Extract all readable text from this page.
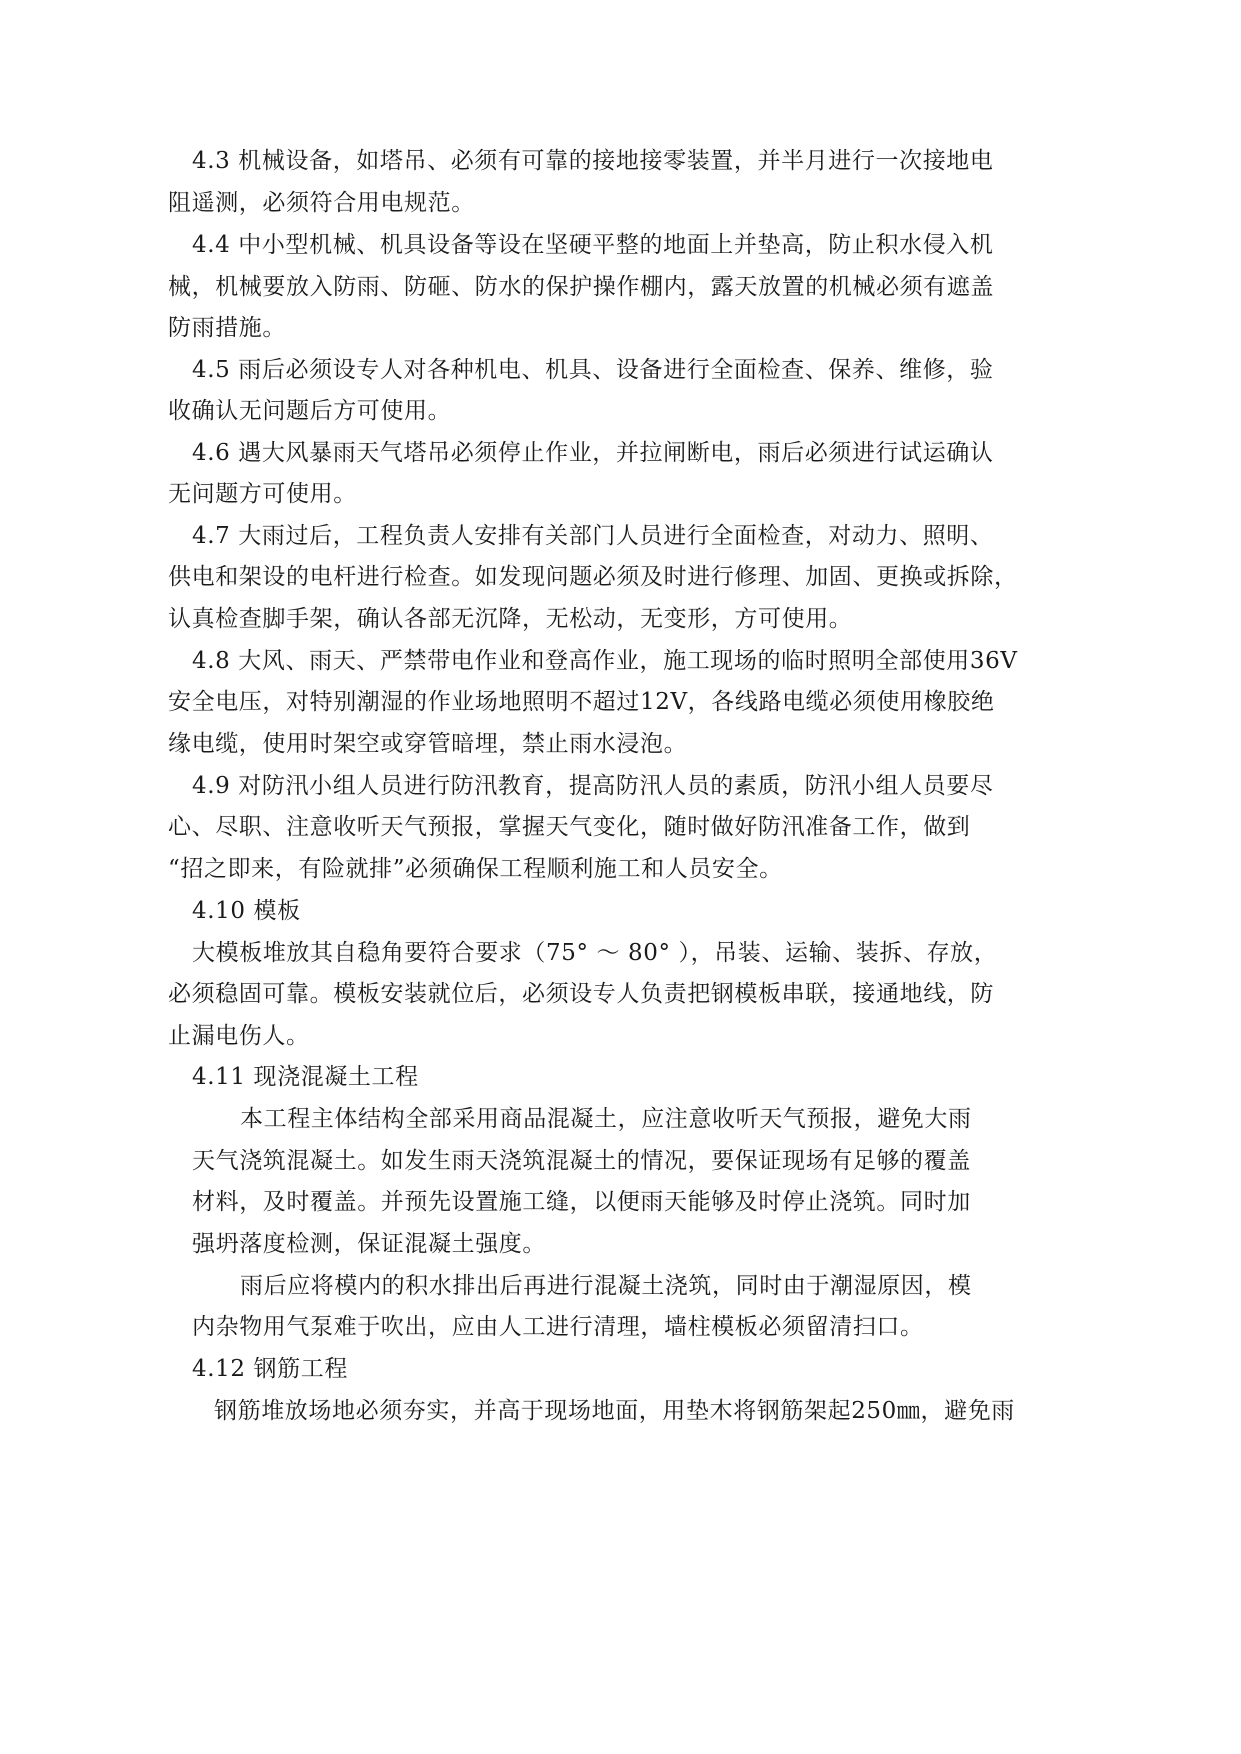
4.3 机械设备，如塔吊、必须有可靠的接地接零装置，并半月进行一次接地电
阻遥测，必须符合用电规范。
4.4 中小型机械、机具设备等设在坚硬平整的地面上并垫高，防止积水侵入机
械，机械要放入防雨、防砸、防水的保护操作棚内，露天放置的机械必须有遮盖
防雨措施。
4.5 雨后必须设专人对各种机电、机具、设备进行全面检查、保养、维修，验
收确认无问题后方可使用。
4.6 遇大风暴雨天气塔吊必须停止作业，并拉闸断电，雨后必须进行试运确认
无问题方可使用。
4.7 大雨过后，工程负责人安排有关部门人员进行全面检查，对动力、照明、
供电和架设的电杆进行检查。如发现问题必须及时进行修理、加固、更换或拆除，
认真检查脚手架，确认各部无沉降，无松动，无变形，方可使用。
4.8 大风、雨天、严禁带电作业和登高作业，施工现场的临时照明全部使用36V
安全电压，对特别潮湿的作业场地照明不超过12V，各线路电缆必须使用橡胶绝
缘电缆，使用时架空或穿管暗埋，禁止雨水浸泡。
4.9 对防汛小组人员进行防汛教育，提高防汛人员的素质，防汛小组人员要尽
心、尽职、注意收听天气预报，掌握天气变化，随时做好防汛准备工作，做到
“招之即来，有险就排”必须确保工程顺利施工和人员安全。
4.10 模板
大模板堆放其自稳角要符合要求（75° ～ 80° ），吊装、运输、装拆、存放，
必须稳固可靠。模板安装就位后，必须设专人负责把钢模板串联，接通地线，防
止漏电伤人。
4.11 现浇混凝土工程
本工程主体结构全部采用商品混凝土，应注意收听天气预报，避免大雨
天气浇筑混凝土。如发生雨天浇筑混凝土的情况，要保证现场有足够的覆盖
材料，及时覆盖。并预先设置施工缝，以便雨天能够及时停止浇筑。同时加
强坍落度检测，保证混凝土强度。
雨后应将模内的积水排出后再进行混凝土浇筑，同时由于潮湿原因，模
内杂物用气泵难于吹出，应由人工进行清理，墙柱模板必须留清扫口。
4.12 钢筋工程
钢筋堆放场地必须夯实，并高于现场地面，用垫木将钢筋架起250㎜，避免雨
